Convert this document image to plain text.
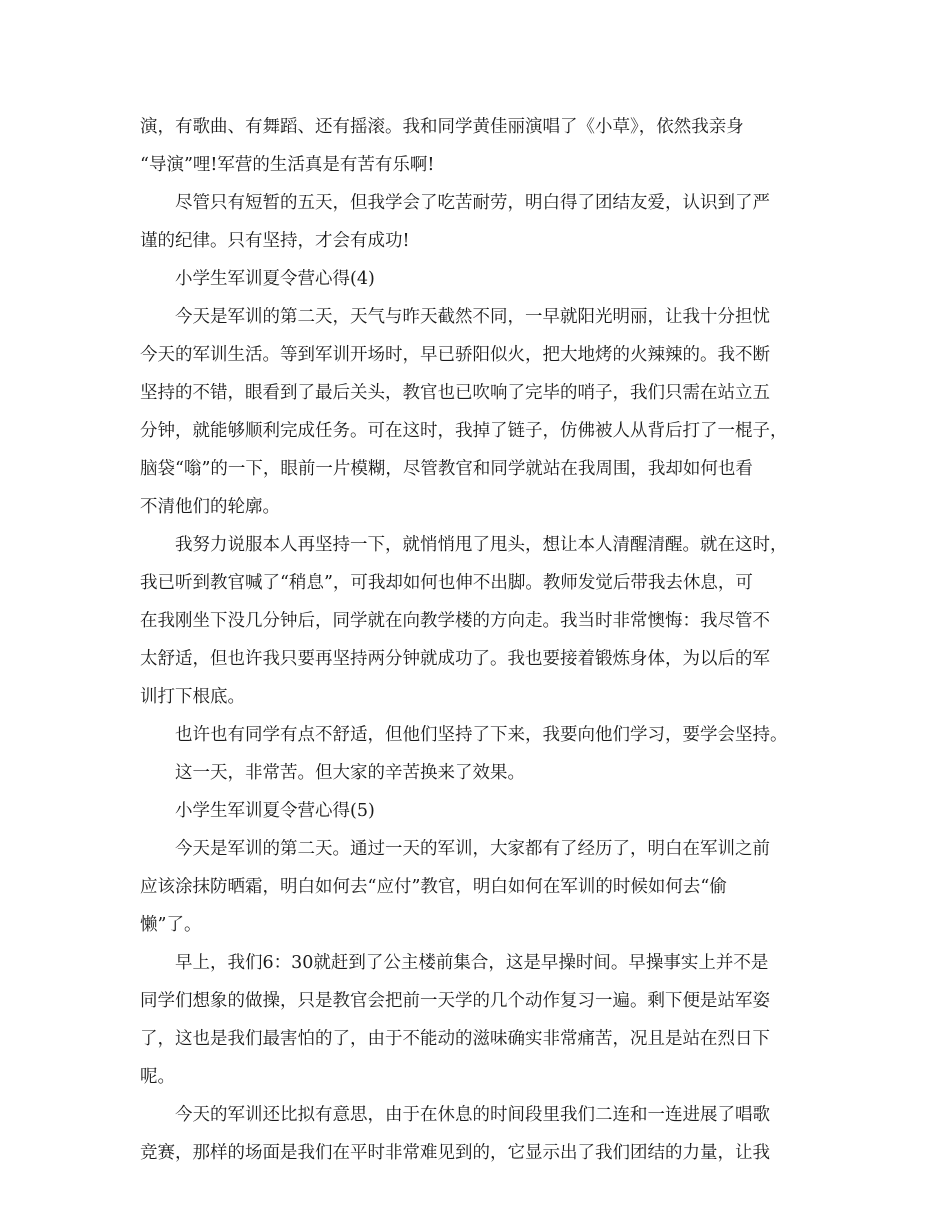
演，有歌曲、有舞蹈、还有摇滚。我和同学黄佳丽演唱了《小草》，依然我亲身
“导演”哩!军营的生活真是有苦有乐啊!
尽管只有短暂的五天，但我学会了吃苦耐劳，明白得了团结友爱，认识到了严
谨的纪律。只有坚持，才会有成功!
小学生军训夏令营心得(4)
今天是军训的第二天，天气与昨天截然不同，一早就阳光明丽，让我十分担忧
今天的军训生活。等到军训开场时，早已骄阳似火，把大地烤的火辣辣的。我不断
坚持的不错，眼看到了最后关头，教官也已吹响了完毕的哨子，我们只需在站立五
分钟，就能够顺利完成任务。可在这时，我掉了链子，仿佛被人从背后打了一棍子，
脑袋“嗡”的一下，眼前一片模糊，尽管教官和同学就站在我周围，我却如何也看
不清他们的轮廓。
我努力说服本人再坚持一下，就悄悄甩了甩头，想让本人清醒清醒。就在这时，
我已听到教官喊了“稍息”，可我却如何也伸不出脚。教师发觉后带我去休息，可
在我刚坐下没几分钟后，同学就在向教学楼的方向走。我当时非常懊悔：我尽管不
太舒适，但也许我只要再坚持两分钟就成功了。我也要接着锻炼身体，为以后的军
训打下根底。
也许也有同学有点不舒适，但他们坚持了下来，我要向他们学习，要学会坚持。
这一天，非常苦。但大家的辛苦换来了效果。
小学生军训夏令营心得(5)
今天是军训的第二天。通过一天的军训，大家都有了经历了，明白在军训之前
应该涂抹防晒霜，明白如何去“应付”教官，明白如何在军训的时候如何去“偷
懒”了。
早上，我们6：30就赶到了公主楼前集合，这是早操时间。早操事实上并不是
同学们想象的做操，只是教官会把前一天学的几个动作复习一遍。剩下便是站军姿
了，这也是我们最害怕的了，由于不能动的滋味确实非常痛苦，况且是站在烈日下
呢。
今天的军训还比拟有意思，由于在休息的时间段里我们二连和一连进展了唱歌
竞赛，那样的场面是我们在平时非常难见到的，它显示出了我们团结的力量，让我
